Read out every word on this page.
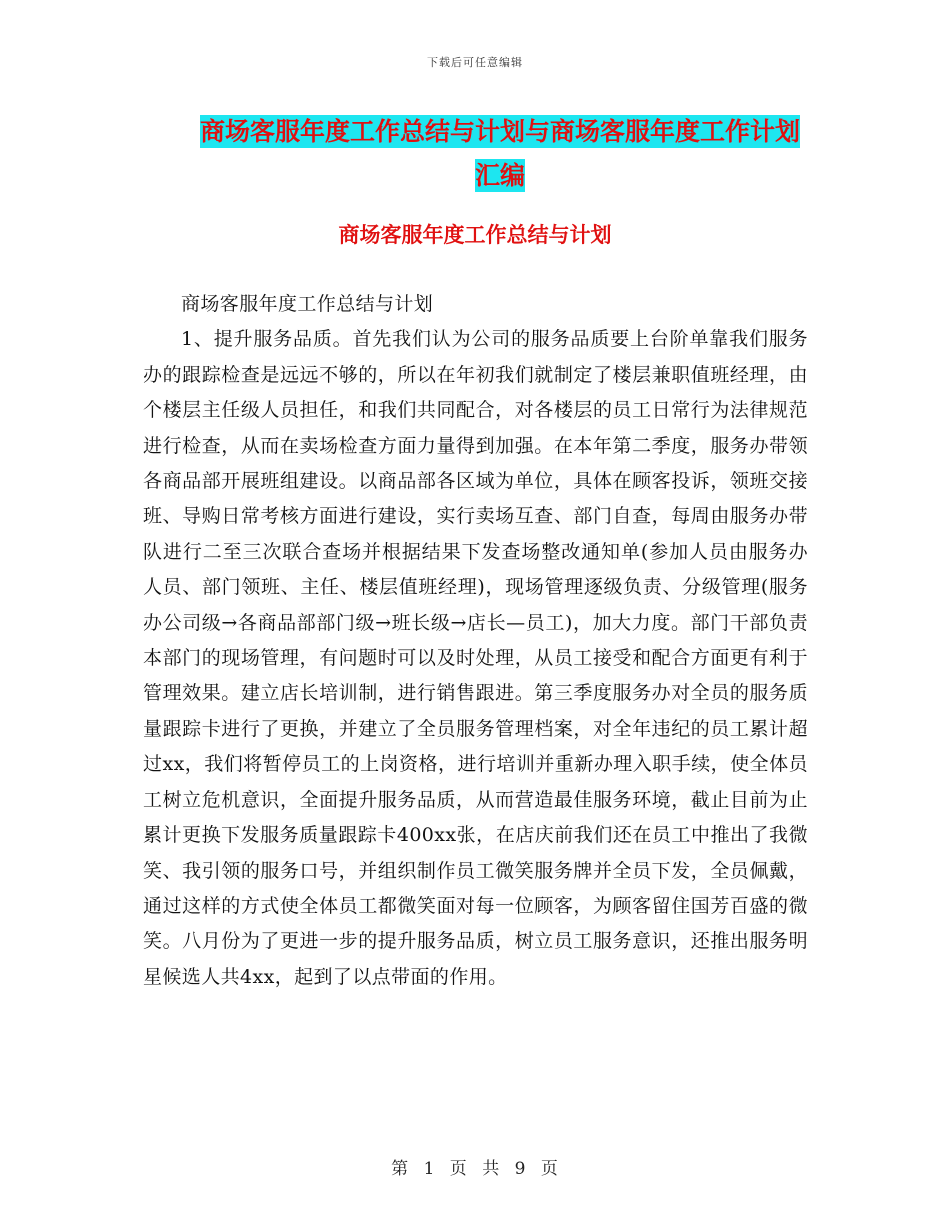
下载后可任意编辑
商场客服年度工作总结与计划与商场客服年度工作计划汇编
商场客服年度工作总结与计划

商场客服年度工作总结与计划

1、提升服务品质。首先我们认为公司的服务品质要上台阶单靠我们服务办的跟踪检查是远远不够的，所以在年初我们就制定了楼层兼职值班经理，由个楼层主任级人员担任，和我们共同配合，对各楼层的员工日常行为法律规范进行检查，从而在卖场检查方面力量得到加强。在本年第二季度，服务办带领各商品部开展班组建设。以商品部各区域为单位，具体在顾客投诉，领班交接班、导购日常考核方面进行建设，实行卖场互查、部门自查，每周由服务办带队进行二至三次联合查场并根据结果下发查场整改通知单(参加人员由服务办人员、部门领班、主任、楼层值班经理)，现场管理逐级负责、分级管理(服务办公司级→各商品部部门级→班长级→店长—员工)，加大力度。部门干部负责本部门的现场管理，有问题时可以及时处理，从员工接受和配合方面更有利于管理效果。建立店长培训制，进行销售跟进。第三季度服务办对全员的服务质量跟踪卡进行了更换，并建立了全员服务管理档案，对全年违纪的员工累计超过xx，我们将暂停员工的上岗资格，进行培训并重新办理入职手续，使全体员工树立危机意识，全面提升服务品质，从而营造最佳服务环境，截止目前为止累计更换下发服务质量跟踪卡400xx张，在店庆前我们还在员工中推出了我微笑、我引领的服务口号，并组织制作员工微笑服务牌并全员下发，全员佩戴，通过这样的方式使全体员工都微笑面对每一位顾客，为顾客留住国芳百盛的微笑。八月份为了更进一步的提升服务品质，树立员工服务意识，还推出服务明星候选人共4xx，起到了以点带面的作用。

第 1 页 共 9 页
